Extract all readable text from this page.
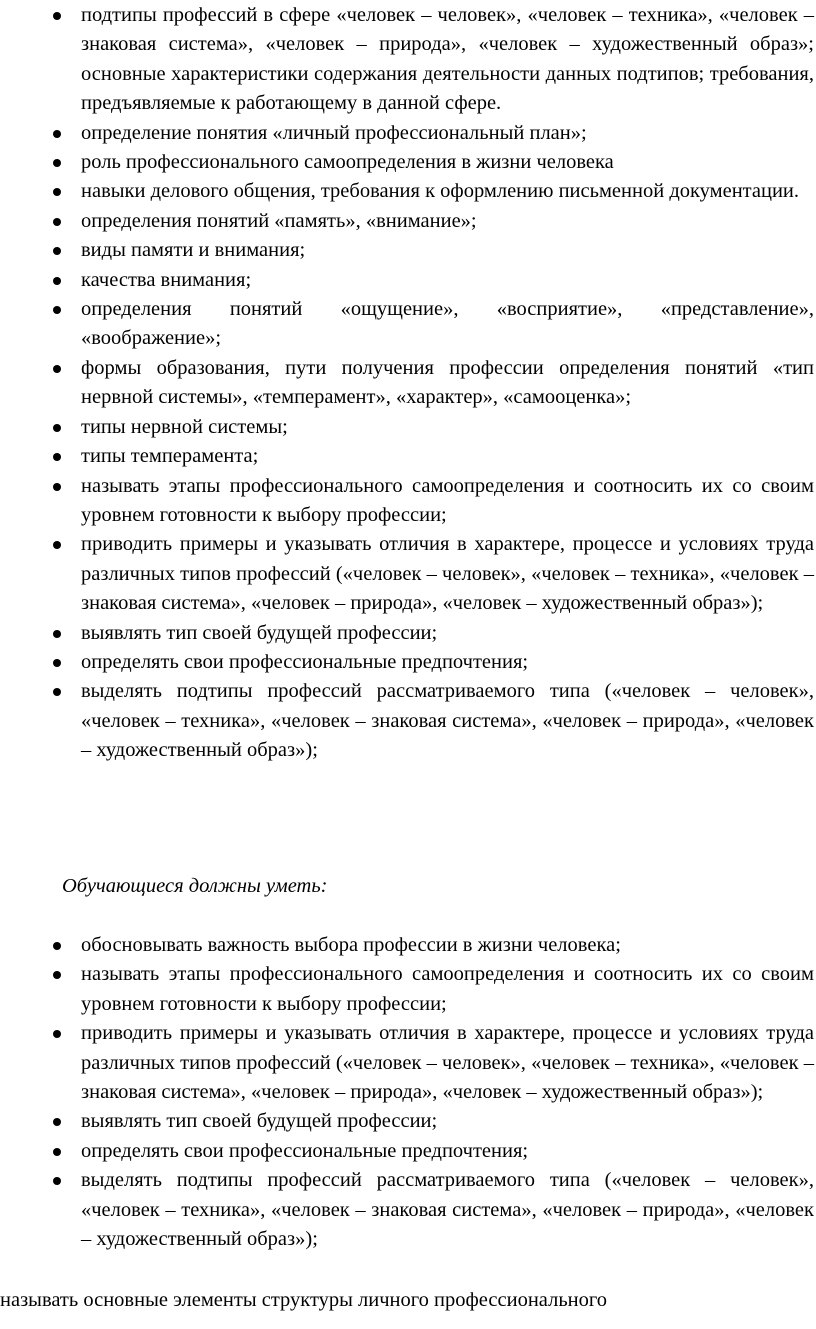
подтипы профессий в сфере «человек – человек», «человек – техника», «человек – знаковая система», «человек – природа», «человек – художественный образ»; основные характеристики содержания деятельности данных подтипов; требования, предъявляемые к работающему в данной сфере.
определение понятия «личный профессиональный план»;
роль профессионального самоопределения в жизни человека
навыки делового общения, требования к оформлению письменной документации.
определения понятий «память», «внимание»;
виды памяти и внимания;
качества внимания;
определения понятий «ощущение», «восприятие», «представление», «воображение»;
формы образования, пути получения профессии определения понятий «тип нервной системы», «темперамент», «характер», «самооценка»;
типы нервной системы;
типы темперамента;
называть этапы профессионального самоопределения и соотносить их со своим уровнем готовности к выбору профессии;
приводить примеры и указывать отличия в характере, процессе и условиях труда различных типов профессий («человек – человек», «человек – техника», «человек – знаковая система», «человек – природа», «человек – художественный образ»);
выявлять тип своей будущей профессии;
определять свои профессиональные предпочтения;
выделять подтипы профессий рассматриваемого типа («человек – человек», «человек – техника», «человек – знаковая система», «человек – природа», «человек – художественный образ»);
Обучающиеся должны уметь:
обосновывать важность выбора профессии в жизни человека;
называть этапы профессионального самоопределения и соотносить их со своим уровнем готовности к выбору профессии;
приводить примеры и указывать отличия в характере, процессе и условиях труда различных типов профессий («человек – человек», «человек – техника», «человек – знаковая система», «человек – природа», «человек – художественный образ»);
выявлять тип своей будущей профессии;
определять свои профессиональные предпочтения;
выделять подтипы профессий рассматриваемого типа («человек – человек», «человек – техника», «человек – знаковая система», «человек – природа», «человек – художественный образ»);
называть основные элементы структуры личного профессионального
